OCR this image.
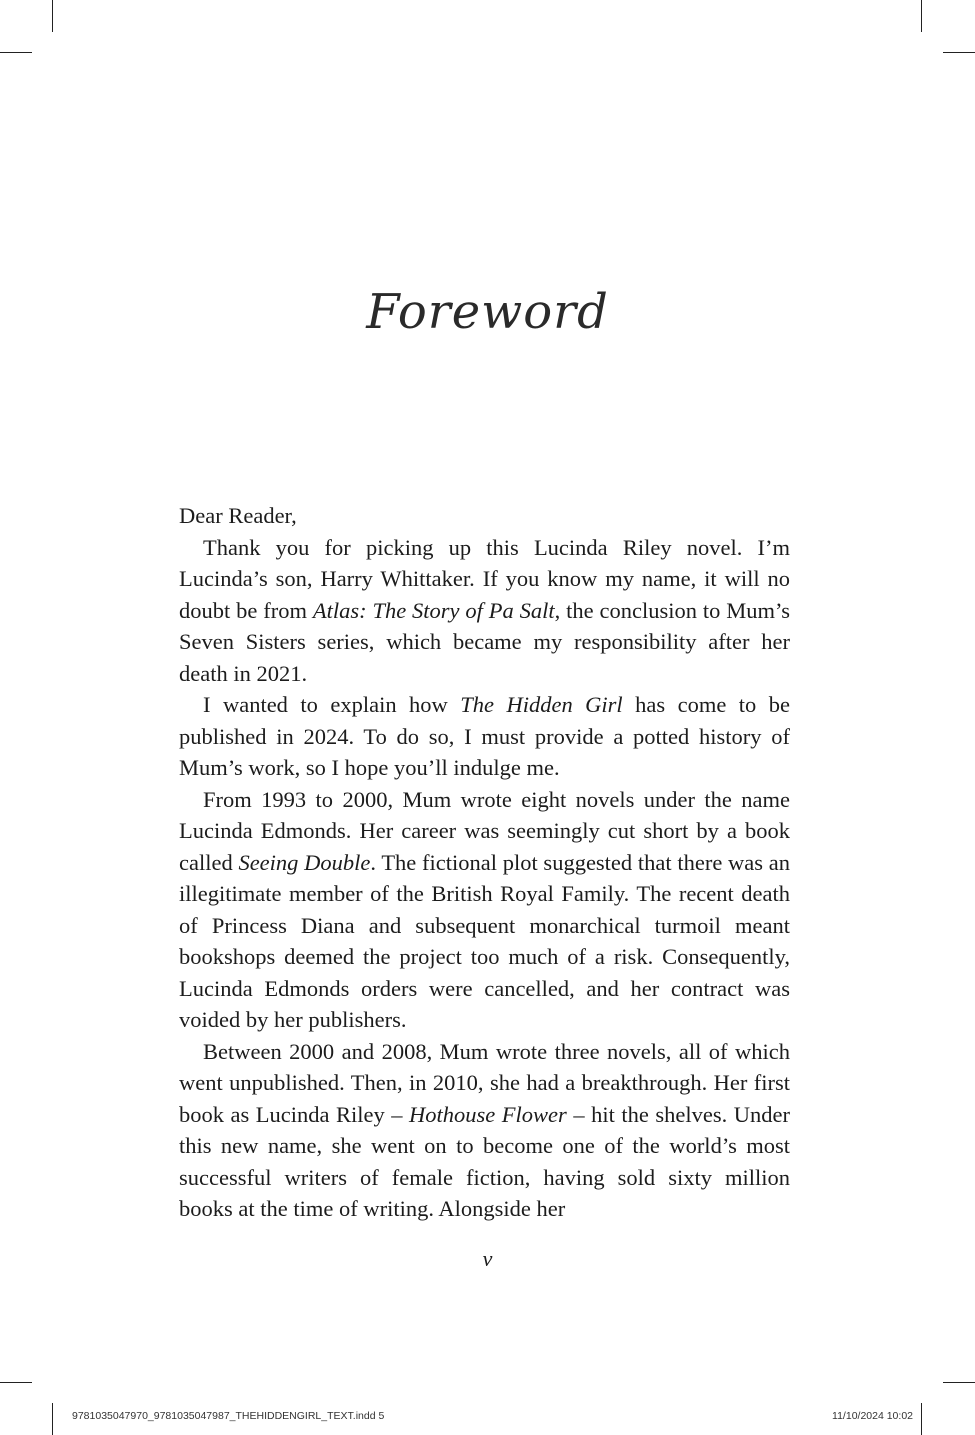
Foreword

Dear Reader,

Thank you for picking up this Lucinda Riley novel. I’m Lucinda’s son, Harry Whittaker. If you know my name, it will no doubt be from Atlas: The Story of Pa Salt, the conclusion to Mum’s Seven Sisters series, which became my responsibility after her death in 2021.

I wanted to explain how The Hidden Girl has come to be published in 2024. To do so, I must provide a potted history of Mum’s work, so I hope you’ll indulge me.

From 1993 to 2000, Mum wrote eight novels under the name Lucinda Edmonds. Her career was seemingly cut short by a book called Seeing Double. The fictional plot suggested that there was an illegitimate member of the British Royal Family. The recent death of Princess Diana and subsequent monarchical turmoil meant bookshops deemed the project too much of a risk. Consequently, Lucinda Edmonds orders were cancelled, and her contract was voided by her publishers.

Between 2000 and 2008, Mum wrote three novels, all of which went unpublished. Then, in 2010, she had a breakthrough. Her first book as Lucinda Riley – Hothouse Flower – hit the shelves. Under this new name, she went on to become one of the world’s most successful writers of female fiction, having sold sixty million books at the time of writing. Alongside her

v
9781035047970_9781035047987_THEHIDDENGIRL_TEXT.indd 5	11/10/2024 10:02
